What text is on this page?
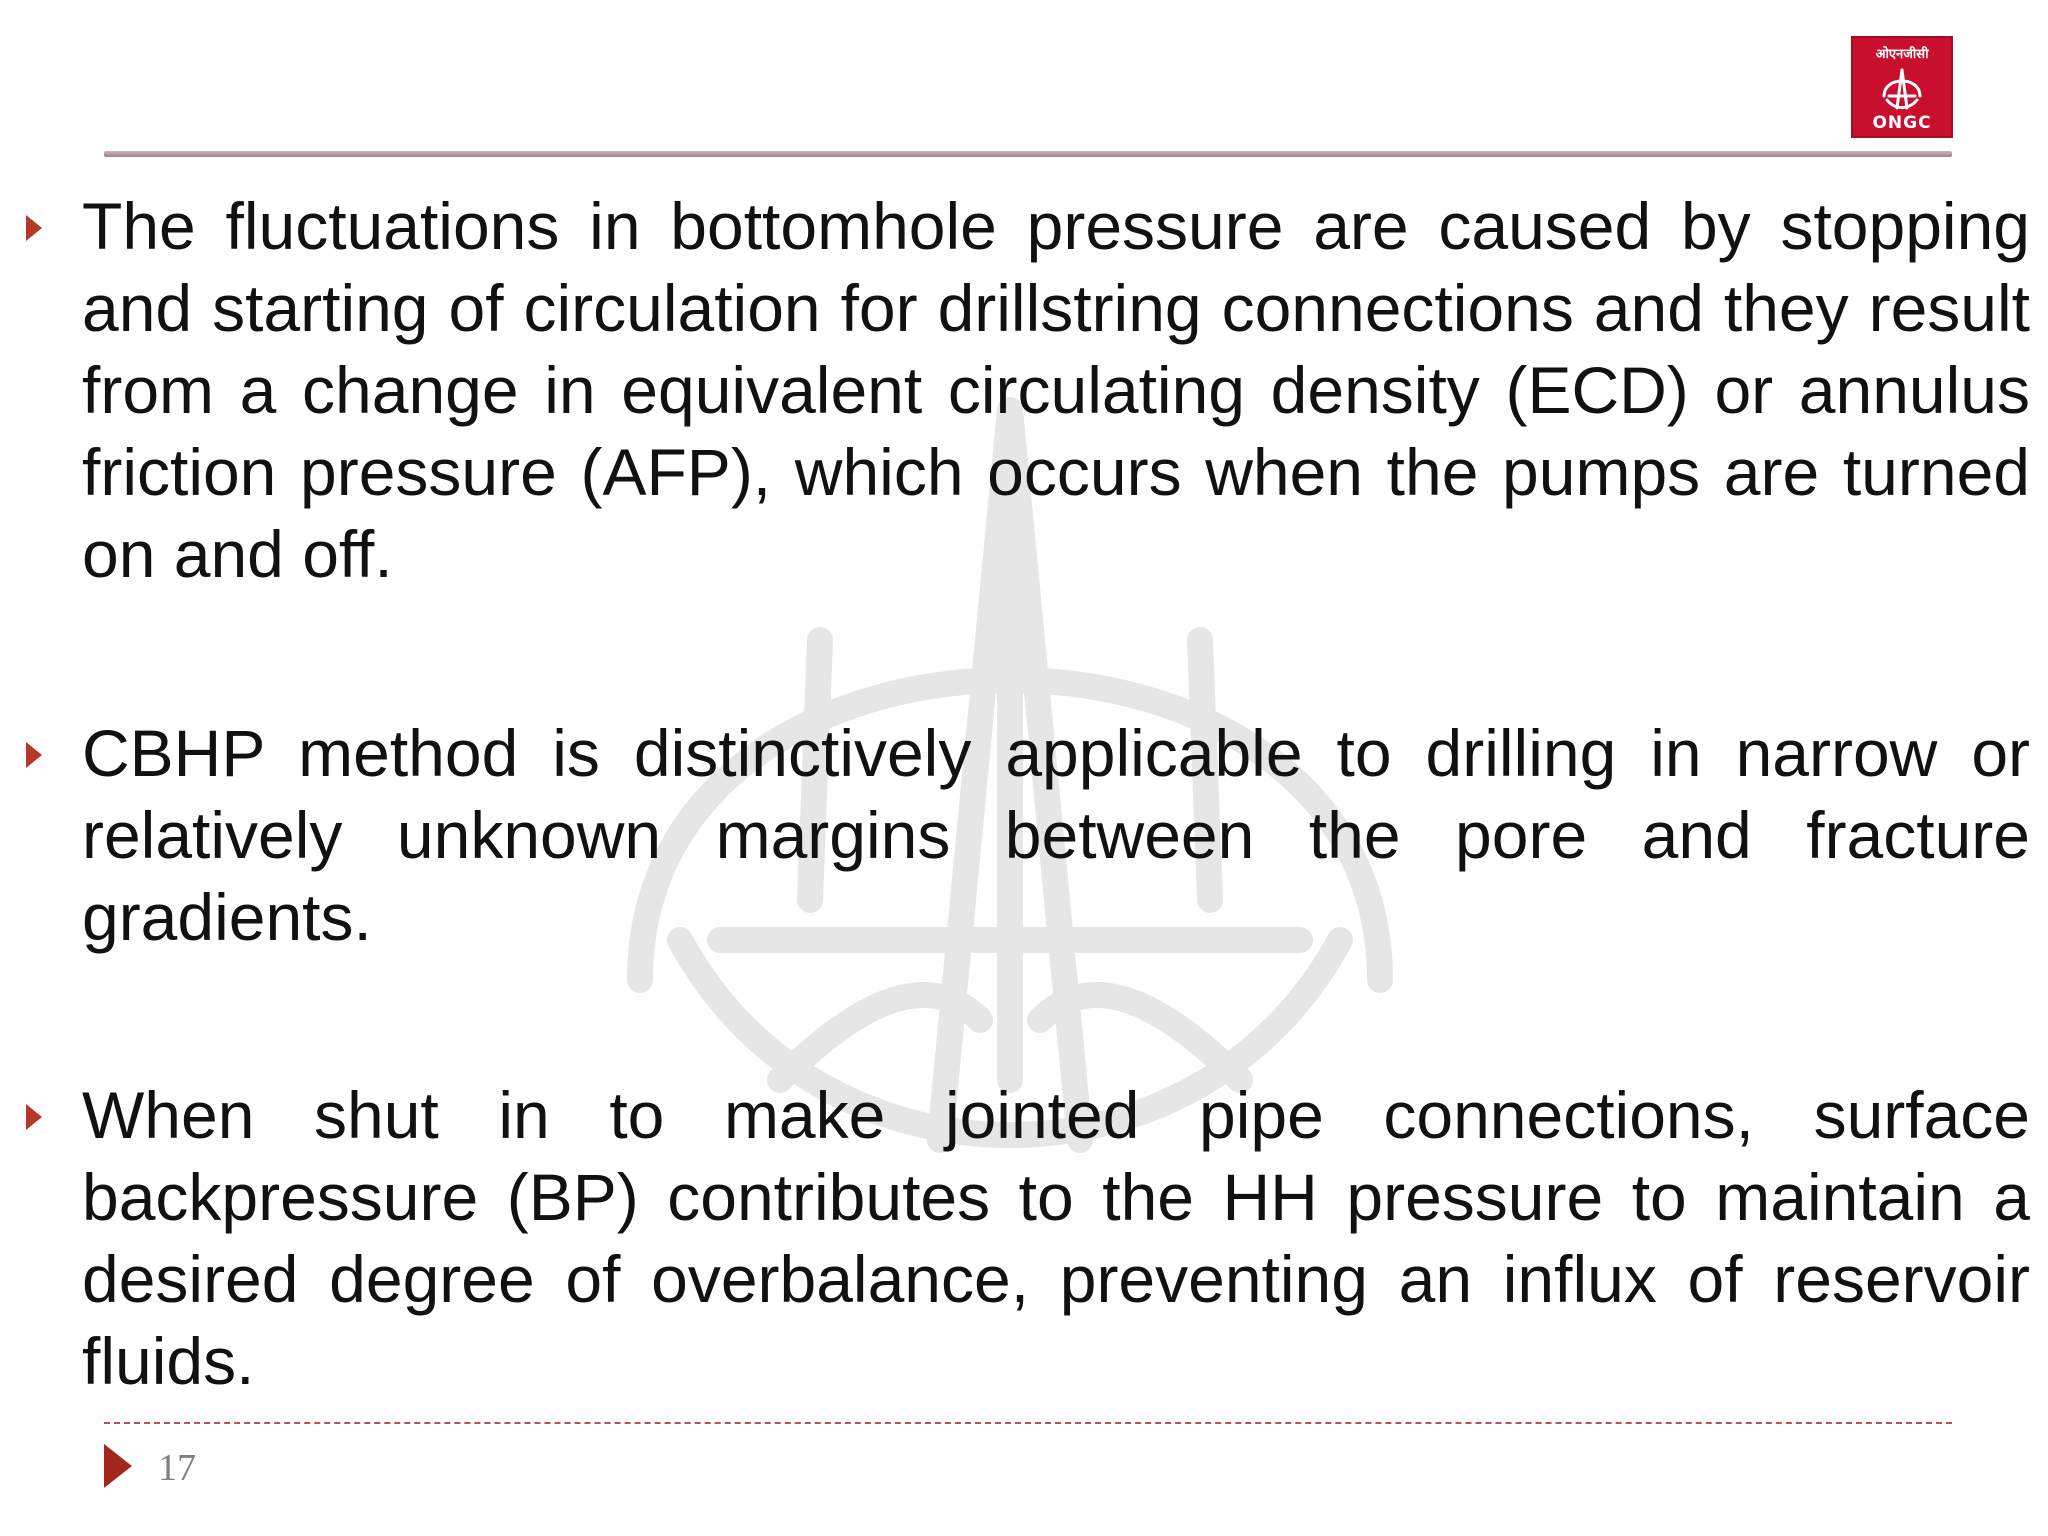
ओएनजीसी
ONGC

The fluctuations in bottomhole pressure are caused by stopping and starting of circulation for drillstring connections and they result from a change in equivalent circulating density (ECD) or annulus friction pressure (AFP), which occurs when the pumps are turned on and off.

CBHP method is distinctively applicable to drilling in narrow or relatively unknown margins between the pore and fracture gradients.

When shut in to make jointed pipe connections, surface backpressure (BP) contributes to the HH pressure to maintain a desired degree of overbalance, preventing an influx of reservoir fluids.

17
